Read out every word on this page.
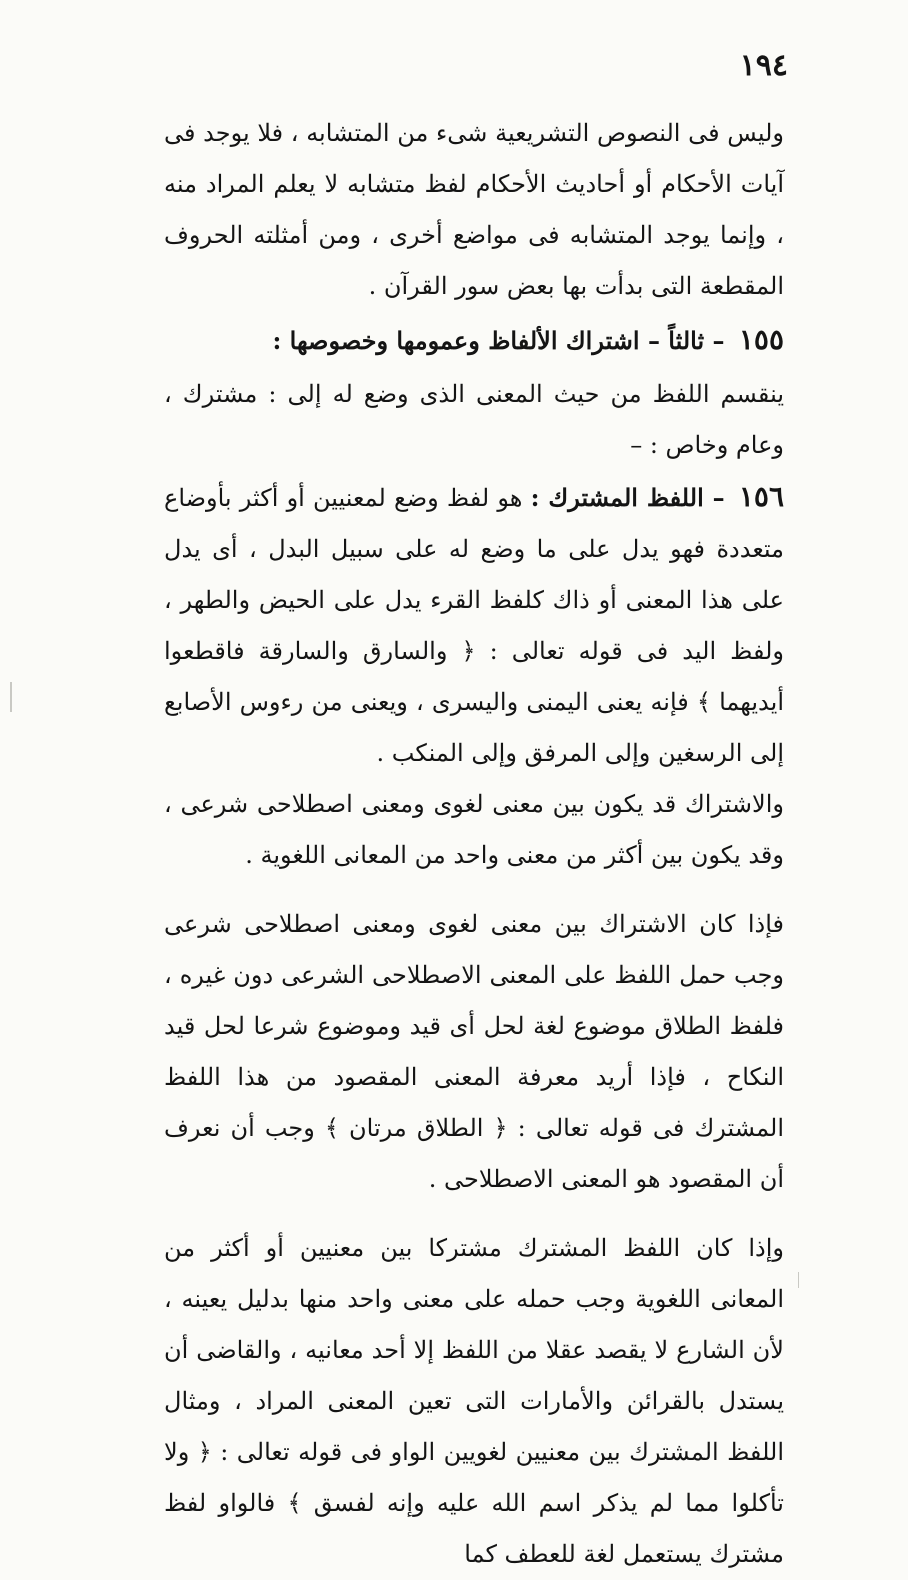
١٩٤

وليس فى النصوص التشريعية شىء من المتشابه ، فلا يوجد فى آيات الأحكام أو أحاديث الأحكام لفظ متشابه لا يعلم المراد منه ، وإنما يوجد المتشابه فى مواضع أخرى ، ومن أمثلته الحروف المقطعة التى بدأت بها بعض سور القرآن .

١٥٥ – ثالثاً – اشتراك الألفاظ وعمومها وخصوصها :

ينقسم اللفظ من حيث المعنى الذى وضع له إلى : مشترك ، وعام وخاص : –

١٥٦ – اللفظ المشترك : هو لفظ وضع لمعنيين أو أكثر بأوضاع متعددة فهو يدل على ما وضع له على سبيل البدل ، أى يدل على هذا المعنى أو ذاك كلفظ القرء يدل على الحيض والطهر ، ولفظ اليد فى قوله تعالى : ﴿ والسارق والسارقة فاقطعوا أيديهما ﴾ فإنه يعنى اليمنى واليسرى ، ويعنى من رءوس الأصابع إلى الرسغين وإلى المرفق وإلى المنكب .

والاشتراك قد يكون بين معنى لغوى ومعنى اصطلاحى شرعى ، وقد يكون بين أكثر من معنى واحد من المعانى اللغوية .

فإذا كان الاشتراك بين معنى لغوى ومعنى اصطلاحى شرعى وجب حمل اللفظ على المعنى الاصطلاحى الشرعى دون غيره ، فلفظ الطلاق موضوع لغة لحل أى قيد وموضوع شرعا لحل قيد النكاح ، فإذا أريد معرفة المعنى المقصود من هذا اللفظ المشترك فى قوله تعالى : ﴿ الطلاق مرتان ﴾ وجب أن نعرف أن المقصود هو المعنى الاصطلاحى .

وإذا كان اللفظ المشترك مشتركا بين معنيين أو أكثر من المعانى اللغوية وجب حمله على معنى واحد منها بدليل يعينه ، لأن الشارع لا يقصد عقلا من اللفظ إلا أحد معانيه ، والقاضى أن يستدل بالقرائن والأمارات التى تعين المعنى المراد ، ومثال اللفظ المشترك بين معنيين لغويين الواو فى قوله تعالى : ﴿ ولا تأكلوا مما لم يذكر اسم الله عليه وإنه لفسق ﴾ فالواو لفظ مشترك يستعمل لغة للعطف كما
